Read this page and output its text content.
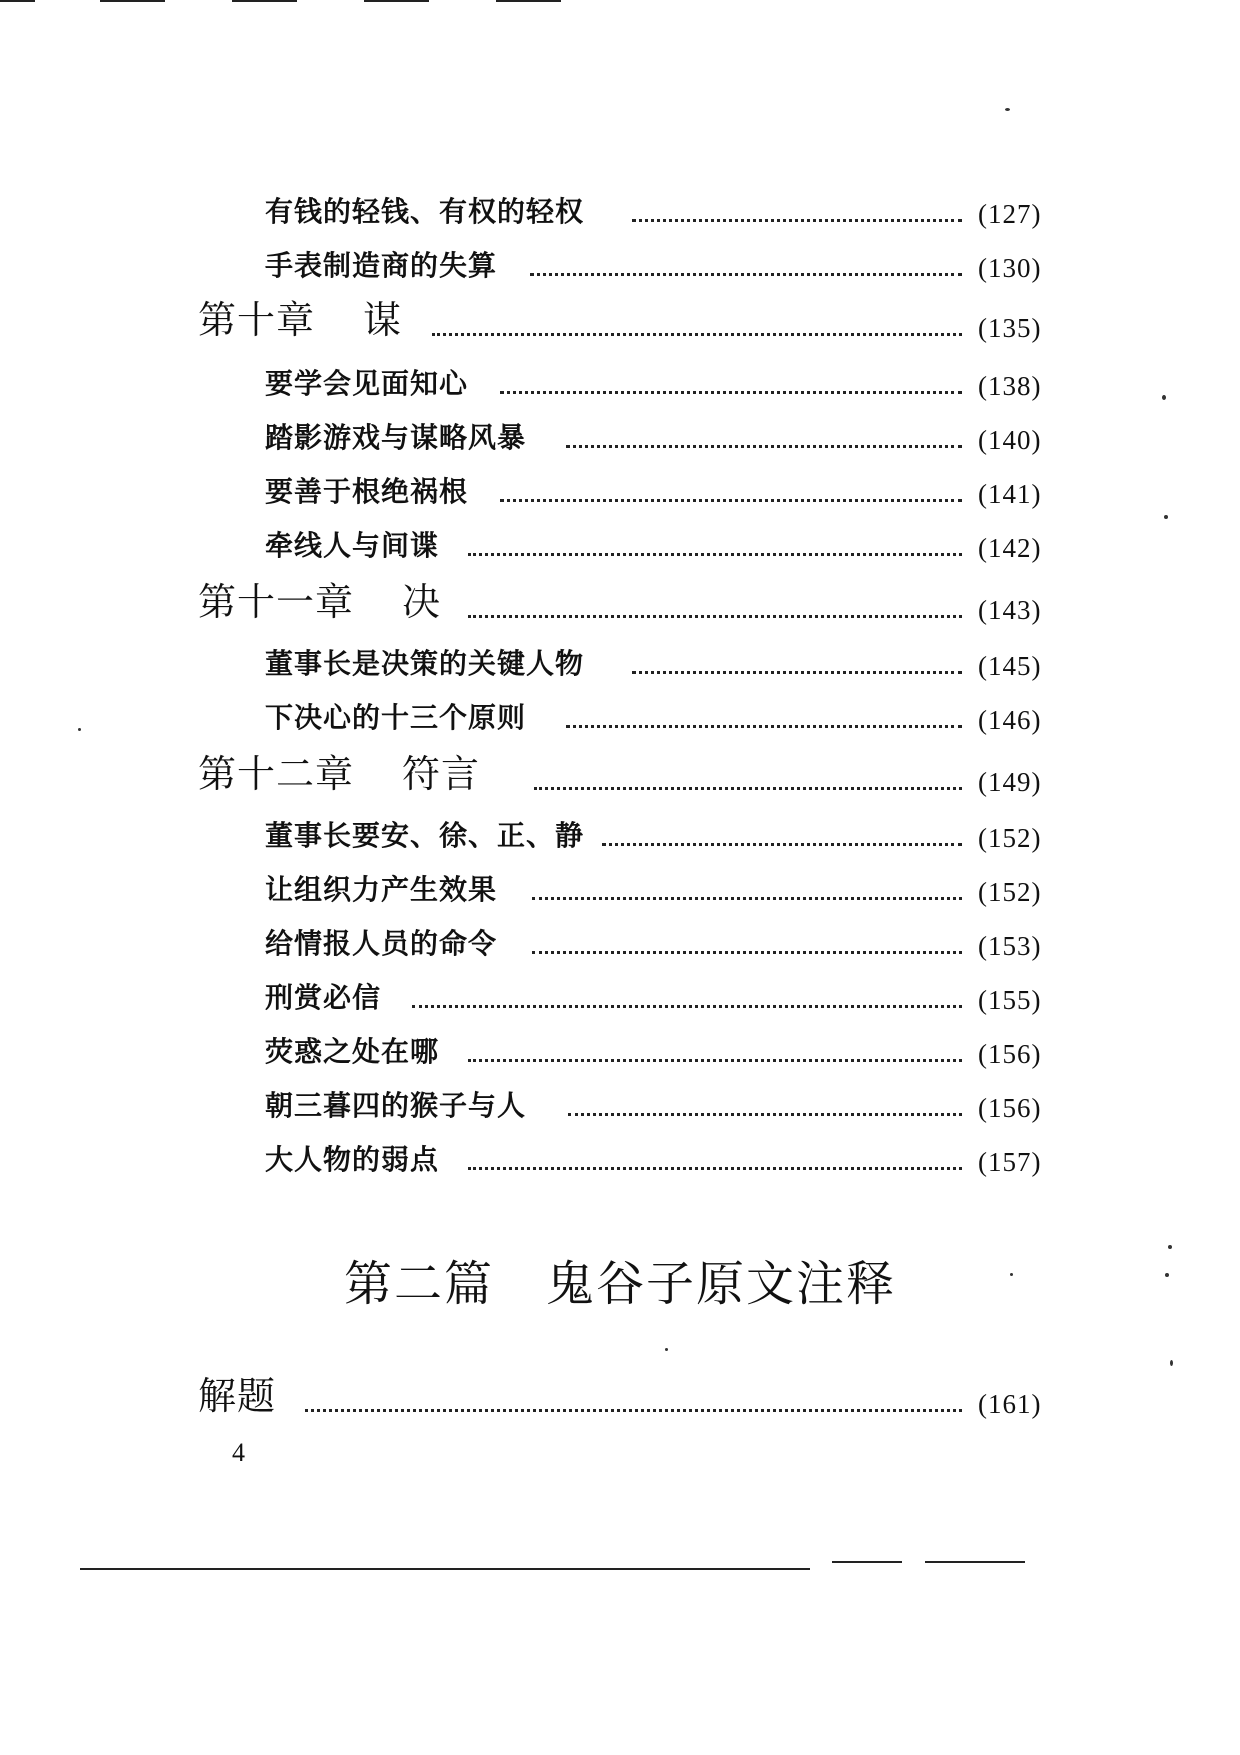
有钱的轻钱、有权的轻权	(127)
手表制造商的失算	(130)
第十章 谋	(135)
要学会见面知心	(138)
踏影游戏与谋略风暴	(140)
要善于根绝祸根	(141)
牵线人与间谍	(142)
第十一章 决	(143)
董事长是决策的关键人物	(145)
下决心的十三个原则	(146)
第十二章 符言	(149)
董事长要安、徐、正、静	(152)
让组织力产生效果	(152)
给情报人员的命令	(153)
刑赏必信	(155)
荧惑之处在哪	(156)
朝三暮四的猴子与人	(156)
大人物的弱点	(157)
第二篇 鬼谷子原文注释
解题	(161)
4
